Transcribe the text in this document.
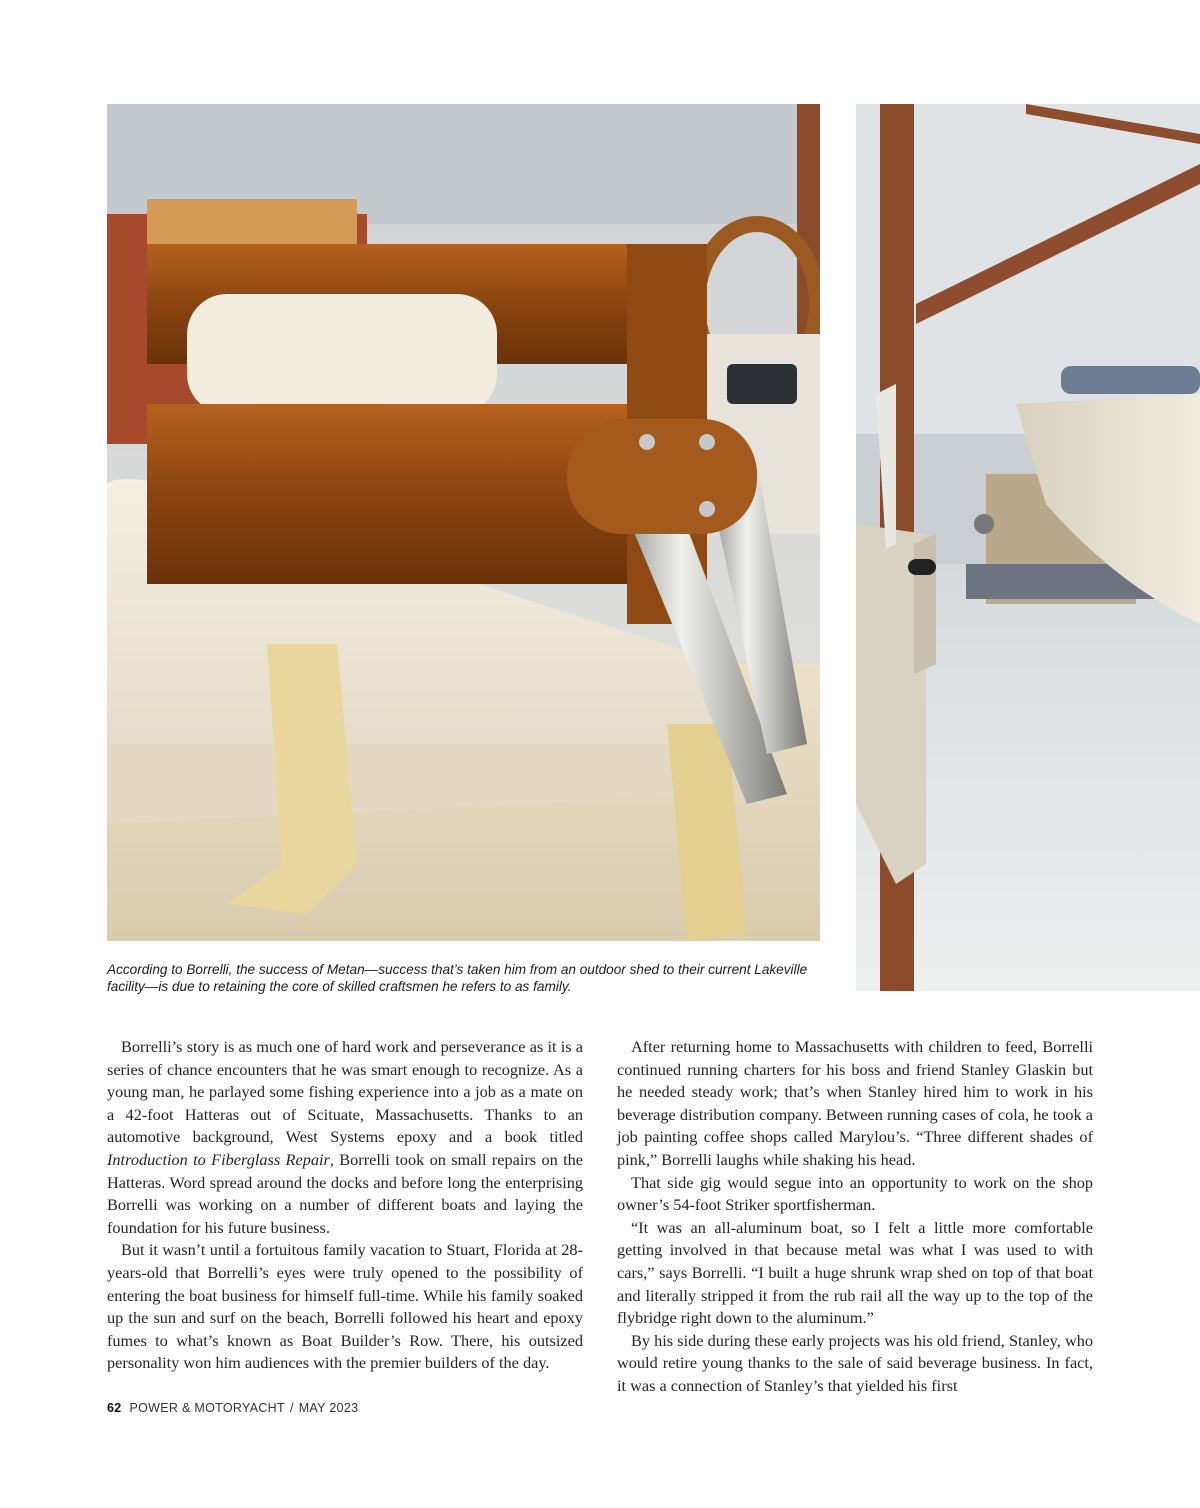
According to Borrelli, the success of Metan—success that’s taken him from an outdoor shed to their current Lakeville facility—is due to retaining the core of skilled craftsmen he refers to as family.

Borrelli’s story is as much one of hard work and perseverance as it is a series of chance encounters that he was smart enough to recognize. As a young man, he parlayed some fishing experience into a job as a mate on a 42-foot Hatteras out of Scituate, Massachusetts. Thanks to an automotive background, West Systems epoxy and a book titled Introduction to Fiberglass Repair, Borrelli took on small repairs on the Hatteras. Word spread around the docks and before long the enterprising Borrelli was working on a number of different boats and laying the foundation for his future business.

But it wasn’t until a fortuitous family vacation to Stuart, Florida at 28-years-old that Borrelli’s eyes were truly opened to the possibility of entering the boat business for himself full-time. While his family soaked up the sun and surf on the beach, Borrelli followed his heart and epoxy fumes to what’s known as Boat Builder’s Row. There, his outsized personality won him audiences with the premier builders of the day.

After returning home to Massachusetts with children to feed, Borrelli continued running charters for his boss and friend Stanley Glaskin but he needed steady work; that’s when Stanley hired him to work in his beverage distribution company. Between running cases of cola, he took a job painting coffee shops called Marylou’s. “Three different shades of pink,” Borrelli laughs while shaking his head.

That side gig would segue into an opportunity to work on the shop owner’s 54-foot Striker sportfisherman.

“It was an all-aluminum boat, so I felt a little more comfortable getting involved in that because metal was what I was used to with cars,” says Borrelli. “I built a huge shrunk wrap shed on top of that boat and literally stripped it from the rub rail all the way up to the top of the flybridge right down to the aluminum.”

By his side during these early projects was his old friend, Stanley, who would retire young thanks to the sale of said beverage business. In fact, it was a connection of Stanley’s that yielded his first

62 POWER & MOTORYACHT / MAY 2023
